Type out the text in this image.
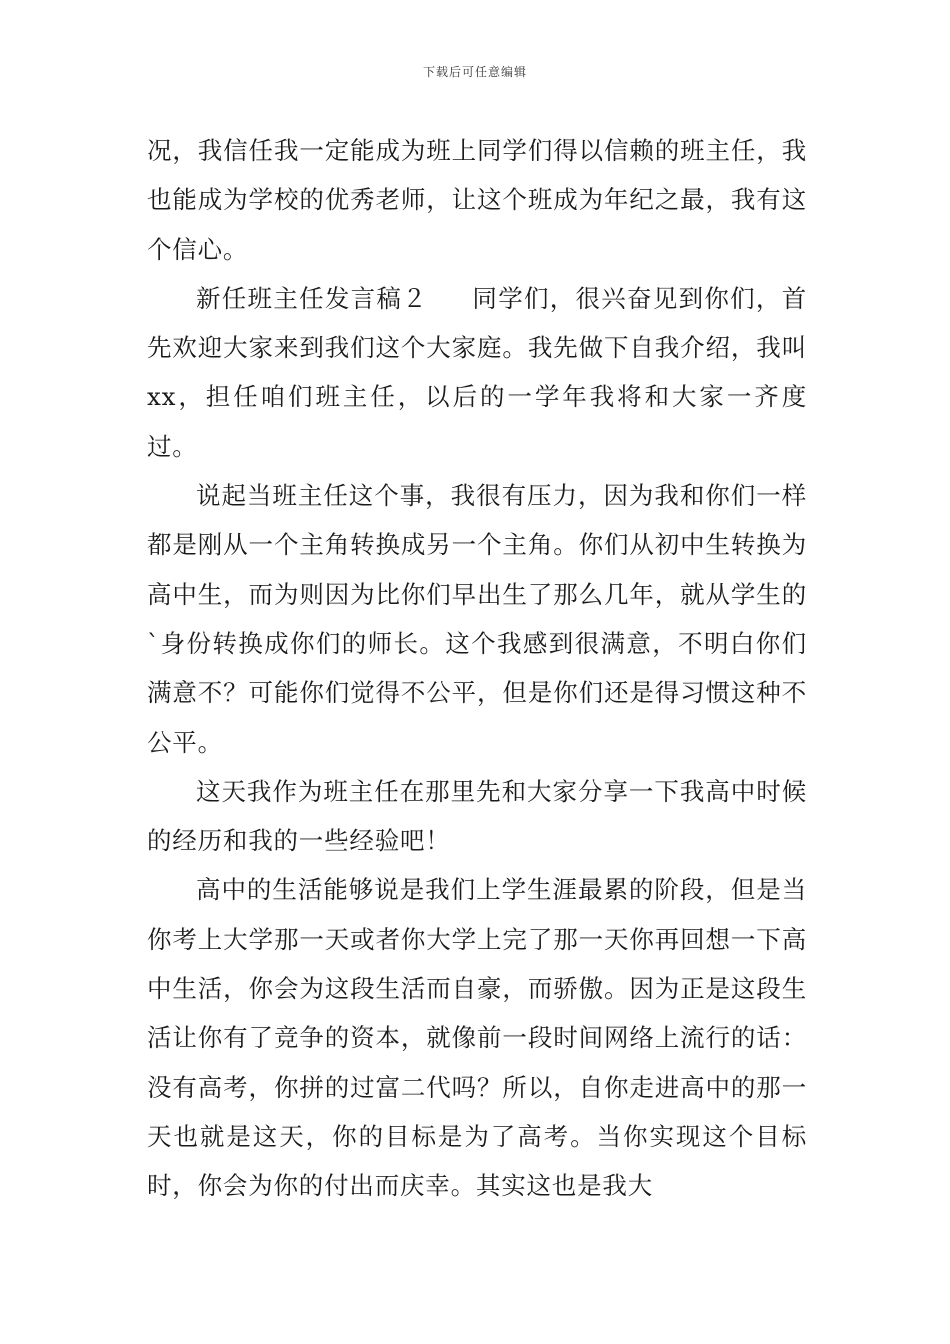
下载后可任意编辑

况，我信任我一定能成为班上同学们得以信赖的班主任，我也能成为学校的优秀老师，让这个班成为年纪之最，我有这个信心。

新任班主任发言稿２ 同学们，很兴奋见到你们，首先欢迎大家来到我们这个大家庭。我先做下自我介绍，我叫xx，担任咱们班主任，以后的一学年我将和大家一齐度过。

说起当班主任这个事，我很有压力，因为我和你们一样都是刚从一个主角转换成另一个主角。你们从初中生转换为高中生，而为则因为比你们早出生了那么几年，就从学生的`身份转换成你们的师长。这个我感到很满意，不明白你们满意不？可能你们觉得不公平，但是你们还是得习惯这种不公平。

这天我作为班主任在那里先和大家分享一下我高中时候的经历和我的一些经验吧！

高中的生活能够说是我们上学生涯最累的阶段，但是当你考上大学那一天或者你大学上完了那一天你再回想一下高中生活，你会为这段生活而自豪，而骄傲。因为正是这段生活让你有了竞争的资本，就像前一段时间网络上流行的话：没有高考，你拼的过富二代吗？所以，自你走进高中的那一天也就是这天，你的目标是为了高考。当你实现这个目标时，你会为你的付出而庆幸。其实这也是我大
